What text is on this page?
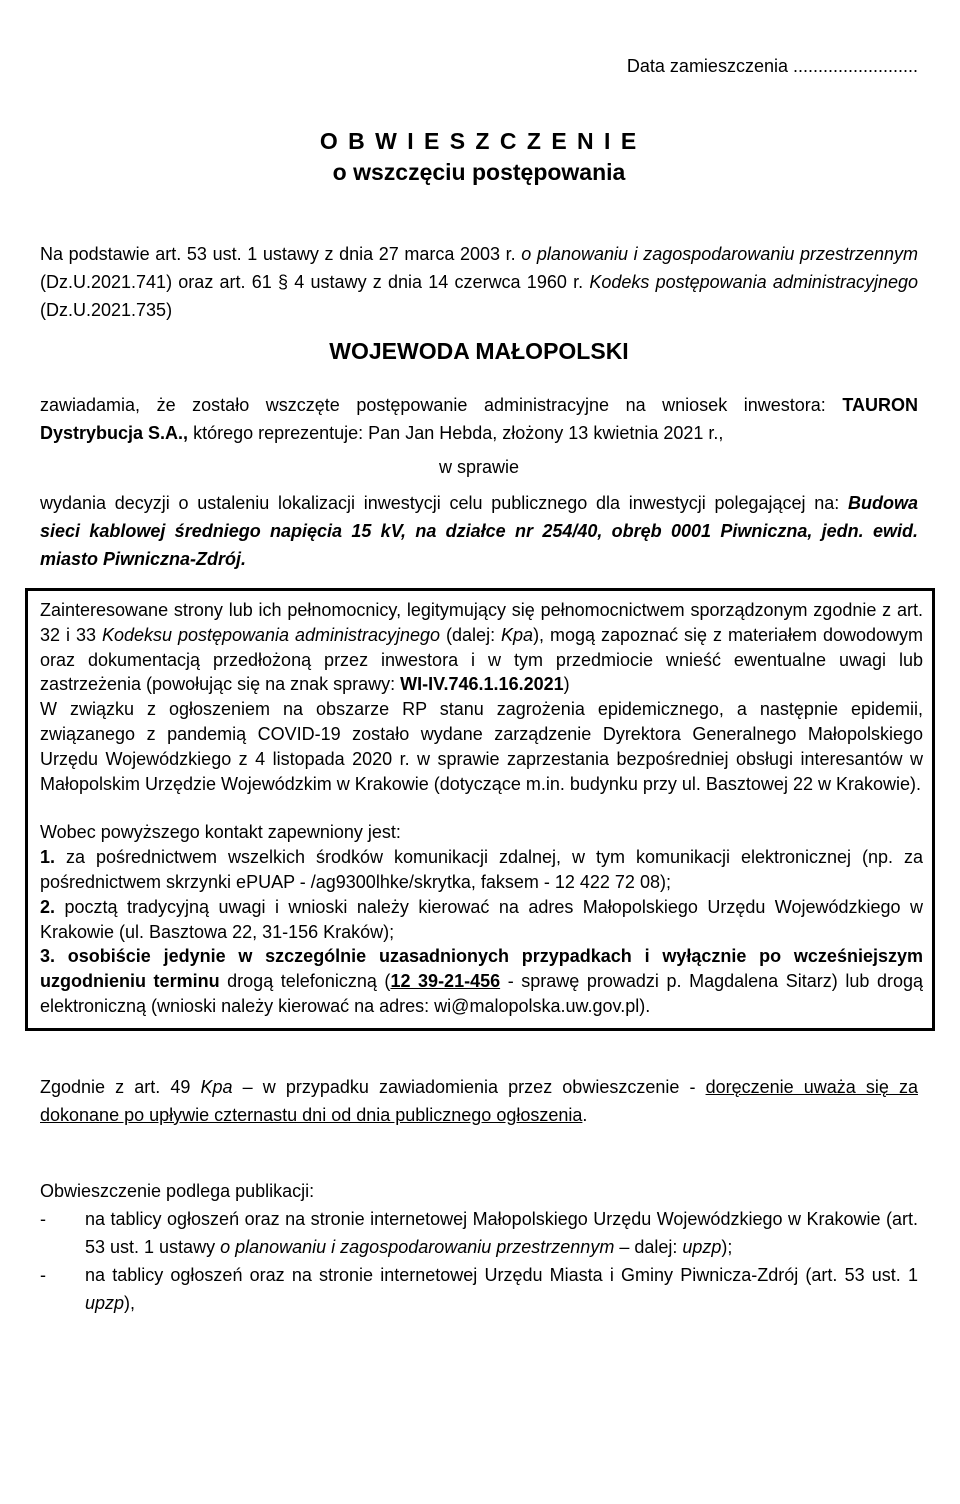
Data zamieszczenia .........................
O B W I E S Z C Z E N I E
o wszczęciu postępowania
Na podstawie art. 53 ust. 1 ustawy z dnia 27 marca 2003 r. o planowaniu i zagospodarowaniu przestrzennym (Dz.U.2021.741) oraz art. 61 § 4 ustawy z dnia 14 czerwca 1960 r. Kodeks postępowania administracyjnego (Dz.U.2021.735)
WOJEWODA MAŁOPOLSKI
zawiadamia, że zostało wszczęte postępowanie administracyjne na wniosek inwestora: TAURON Dystrybucja S.A., którego reprezentuje: Pan Jan Hebda, złożony 13 kwietnia 2021 r.,
w sprawie
wydania decyzji o ustaleniu lokalizacji inwestycji celu publicznego dla inwestycji polegającej na: Budowa sieci kablowej średniego napięcia 15 kV, na działce nr 254/40, obręb 0001 Piwniczna, jedn. ewid. miasto Piwniczna-Zdrój.
Zainteresowane strony lub ich pełnomocnicy, legitymujący się pełnomocnictwem sporządzonym zgodnie z art. 32 i 33 Kodeksu postępowania administracyjnego (dalej: Kpa), mogą zapoznać się z materiałem dowodowym oraz dokumentacją przedłożoną przez inwestora i w tym przedmiocie wnieść ewentualne uwagi lub zastrzeżenia (powołując się na znak sprawy: WI-IV.746.1.16.2021)
W związku z ogłoszeniem na obszarze RP stanu zagrożenia epidemicznego, a następnie epidemii, związanego z pandemią COVID-19 zostało wydane zarządzenie Dyrektora Generalnego Małopolskiego Urzędu Wojewódzkiego z 4 listopada 2020 r. w sprawie zaprzestania bezpośredniej obsługi interesantów w Małopolskim Urzędzie Wojewódzkim w Krakowie (dotyczące m.in. budynku przy ul. Basztowej 22 w Krakowie).
Wobec powyższego kontakt zapewniony jest:
1. za pośrednictwem wszelkich środków komunikacji zdalnej, w tym komunikacji elektronicznej (np. za pośrednictwem skrzynki ePUAP - /ag9300lhke/skrytka, faksem - 12 422 72 08);
2. pocztą tradycyjną uwagi i wnioski należy kierować na adres Małopolskiego Urzędu Wojewódzkiego w Krakowie (ul. Basztowa 22, 31-156 Kraków);
3. osobiście jedynie w szczególnie uzasadnionych przypadkach i wyłącznie po wcześniejszym uzgodnieniu terminu drogą telefoniczną (12 39-21-456 - sprawę prowadzi p. Magdalena Sitarz) lub drogą elektroniczną (wnioski należy kierować na adres: wi@malopolska.uw.gov.pl).
Zgodnie z art. 49 Kpa – w przypadku zawiadomienia przez obwieszczenie - doręczenie uważa się za dokonane po upływie czternastu dni od dnia publicznego ogłoszenia.
Obwieszczenie podlega publikacji:
-	na tablicy ogłoszeń oraz na stronie internetowej Małopolskiego Urzędu Wojewódzkiego w Krakowie (art. 53 ust. 1 ustawy o planowaniu i zagospodarowaniu przestrzennym – dalej: upzp);
-	na tablicy ogłoszeń oraz na stronie internetowej Urzędu Miasta i Gminy Piwnicza-Zdrój (art. 53 ust. 1 upzp),
